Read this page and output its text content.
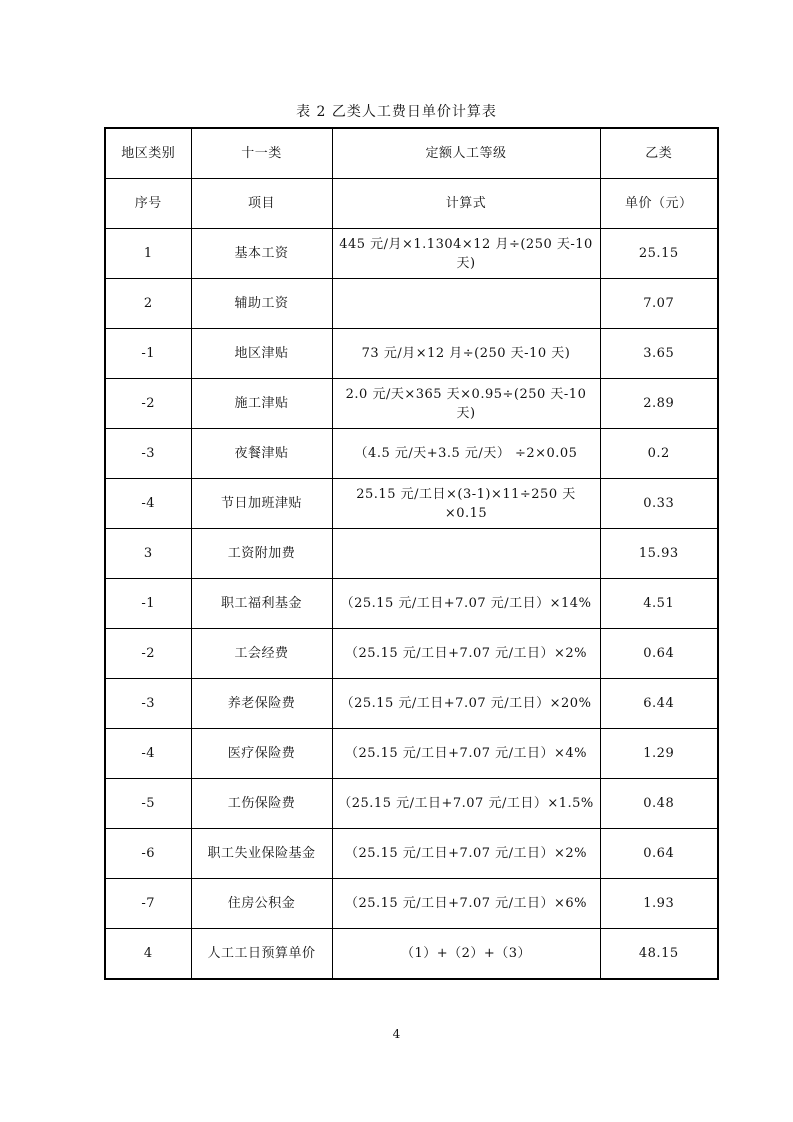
表 2 乙类人工费日单价计算表
地区类别	十一类	定额人工等级	乙类
序号	项目	计算式	单价（元）
1	基本工资	445 元/月×1.1304×12 月÷(250 天-10 天)	25.15
2	辅助工资		7.07
-1	地区津贴	73 元/月×12 月÷(250 天-10 天)	3.65
-2	施工津贴	2.0 元/天×365 天×0.95÷(250 天-10 天)	2.89
-3	夜餐津贴	（4.5 元/天+3.5 元/天） ÷2×0.05	0.2
-4	节日加班津贴	25.15 元/工日×(3-1)×11÷250 天×0.15	0.33
3	工资附加费		15.93
-1	职工福利基金	（25.15 元/工日+7.07 元/工日）×14%	4.51
-2	工会经费	（25.15 元/工日+7.07 元/工日）×2%	0.64
-3	养老保险费	（25.15 元/工日+7.07 元/工日）×20%	6.44
-4	医疗保险费	（25.15 元/工日+7.07 元/工日）×4%	1.29
-5	工伤保险费	（25.15 元/工日+7.07 元/工日）×1.5%	0.48
-6	职工失业保险基金	（25.15 元/工日+7.07 元/工日）×2%	0.64
-7	住房公积金	（25.15 元/工日+7.07 元/工日）×6%	1.93
4	人工工日预算单价	（1）+（2）+（3）	48.15
4
